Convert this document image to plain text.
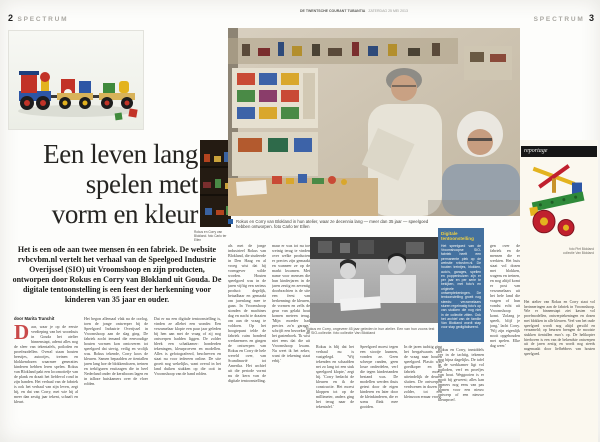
2 SPECTRUM
DE TWENTSCHE COURANT TUBANTIA ZATERDAG 25 MEI 2013
SPECTRUM 3
Rokus en Corry van Blokland. foto Carlo ter Ellen
Een leven lang
spelen met
vorm en kleur
Het is een ode aan twee mensen én een fabriek. De website rvbcvbm.nl vertelt het verhaal van de Speelgoed Industrie Overijssel (SIO) uit Vroomshoop en zijn producten, ontworpen door Rokus en Corry van Blokland uit Gouda. De digitale tentoonstelling is een feest der herkenning voor kinderen van 35 jaar en ouder.
door Marita Tranchit

Daar, waar je op de eerste verdieping van het woonhuis in Gouda het atelier binnenstapt, ademt alles nog de sfeer van tekentafels, potloden en proefmodellen. Overal staan houten beestjes, autootjes, treinen en blokkendozen waarmee generaties kinderen hebben leren spelen. Rokus van Blokland pakt een locomotiefje van de plank en draait het liefdevol rond in zijn handen. Het verhaal van de fabriek is ook het verhaal van zijn leven, zegt hij, en dat van Corry, met wie hij al meer dan zestig jaar tekent, schaaft en kleurt.

Het begon allemaal vlak na de oorlog, toen de jonge ontwerper bij de Speelgoed Industrie Overijssel in Vroomshoop aan de slag ging. De fabriek zocht iemand die eenvoudige houten vormen kon omtoveren tot speelgoed dat stevig, veilig en vrolijk was. Rokus tekende, Corry koos de kleuren. Samen bepaalden ze tientallen jaren lang hoe de blokkendozen, treinen en trekfiguren eruitzagen die in heel Nederland onder de kerstboom lagen en in talloze huiskamers over de vloer rolden.

Dat er nu een digitale tentoonstelling is, vinden ze allebei een wonder. Een verzamelaar klopte een paar jaar geleden bij hen aan met de vraag of zij nog ontwerpen hadden liggen. De zolder bleek een schatkamer: honderden tekeningen, kleurproeven en modellen. Alles is gefotografeerd, beschreven en staat nu voor iedereen online. De site groeit nog wekelijks, want overal in het land duiken stukken op die ooit in Vroomshoop van de band rolden.

Rokus en Corry van Blokland in hun atelier, waar ze decennia lang — meer dan 35 jaar — speelgoed hebben ontworpen. foto Carlo ter Ellen

als met de jonge industrieel Rokus van Blokland, die studeerde in Den Haag en al vroeg wist dat hij vormgever wilde worden. Houten speelgoed was in de jaren vijftig een serieus product: degelijk, betaalbaar en gemaakt om jarenlang mee te gaan. In Vroomshoop stonden de machines dag en nacht te draaien om aan de vraag te voldoen. Op het hoogtepunt telde de fabriek ruim honderd werknemers en gingen de ontwerpen van Rokus en Corry de hele wereld over, van Scandinavië tot Amerika. Het archief uit die periode vormt nu de kern van de digitale tentoonstelling.

maar er was tot nu toe weinig terug te vinden over welke producten er precies zijn gemaakt en wanneer ze op de markt kwamen. Met name voor mensen die hun kinderjaren in de jaren zestig en zeventig doorbrachten is de site een feest van herkenning: de kleuren, de vormen en zelfs de geur van gelakt hout komen meteen terug. 'Mijn moeder had precies zo'n garage,' schrijft een bezoeker in het gastenboek. 'Ik wist niet eens dat die uit Vroomshoop kwam. Nu weet ik het zeker, want de tekening staat erbij.'

Rokus en Corry, ongeveer 45 jaar geleden in hun atelier. Een van hun zoons test de SIO-collectie. foto collectie Van Blokland

Rokus is blij dat het verhaal nu is vastgelegd. 'Wij tekenden en schaafden net zo lang tot een stuk speelgoed klopte,' zegt hij. 'Corry bedacht de kleuren en ik de constructie. Het moest kloppen tot op de millimeter, anders ging het terug naar de tekentafel.'

Speelgoed moest tegen een stootje kunnen, vonden ze. Geen scherpe randen, geen losse onderdelen, verf die tegen kindertanden bestand was. De modellen werden thuis getest door de eigen kinderen en later door de kleinkinderen, die er soms flink mee gooiden.

In de jaren tachtig ging het bergafwaarts met de vraag naar houten speelgoed. Plastic was goedkoper en de fabriek moest uiteindelijk de deuren sluiten. De ontwerpen verdwenen in dozen op zolder, tot een kleinzoon ernaar vroeg.

Digitale tentoonstelling

Het speelgoed van de Vroomshoopse SIO-fabriek heeft een permanente plek op de website rvbcvbm.nl. De houten treintjes, blokken, auto's, garages, spellen en poppenhuizen zijn er per jaar en per serie te bekijken, met foto's en originele ontwerptekeningen. De tentoonstelling groeit nog steeds: verzamelaars sturen regelmatig foto's op van stukken die nog niet in de collectie zitten. Ook het archief van de familie Van Blokland wordt stap voor stap gedigitaliseerd.

Rokus en Corry, inmiddels ver in de tachtig, tekenen nog bijna dagelijks. De tafel in de werkkamer ligt vol potloden, verf en proefjes van hout. Weggooien is er nooit bij geweest; alles kan immers nog eens van pas komen voor een nieuw ontwerp of een nieuwe kleurproef.

gen over de fabriek en de mensen die er werkten. Het huis staat vol dozen met blokken, wagens en treinen, en nog altijd komt er post van verzamelaars uit het hele land die vragen of hun vondst echt uit Vroomshoop komt. 'Zolang je speelt, blijf je jong,' lacht Corry. 'Wij zijn eigenlijk nooit opgehouden met spelen. Elke dag weer.'

reportage
foto Piet Blokland
collectie Van Blokland

Het atelier van Rokus en Corry staat vol herinneringen aan de fabriek in Vroomshoop. Wie er binnenstapt ziet kasten vol proefmodellen, ontwerptekeningen en dozen met blokken in alle kleuren. Veel van het oude speelgoed wordt nog altijd geruild en verzameld; op beurzen brengen de mooiste stukken tientallen euro's op. De helikopter hierboven is een van de bekendste ontwerpen uit de jaren zestig en wordt nog steeds nagemaakt door liefhebbers van houten speelgoed.
